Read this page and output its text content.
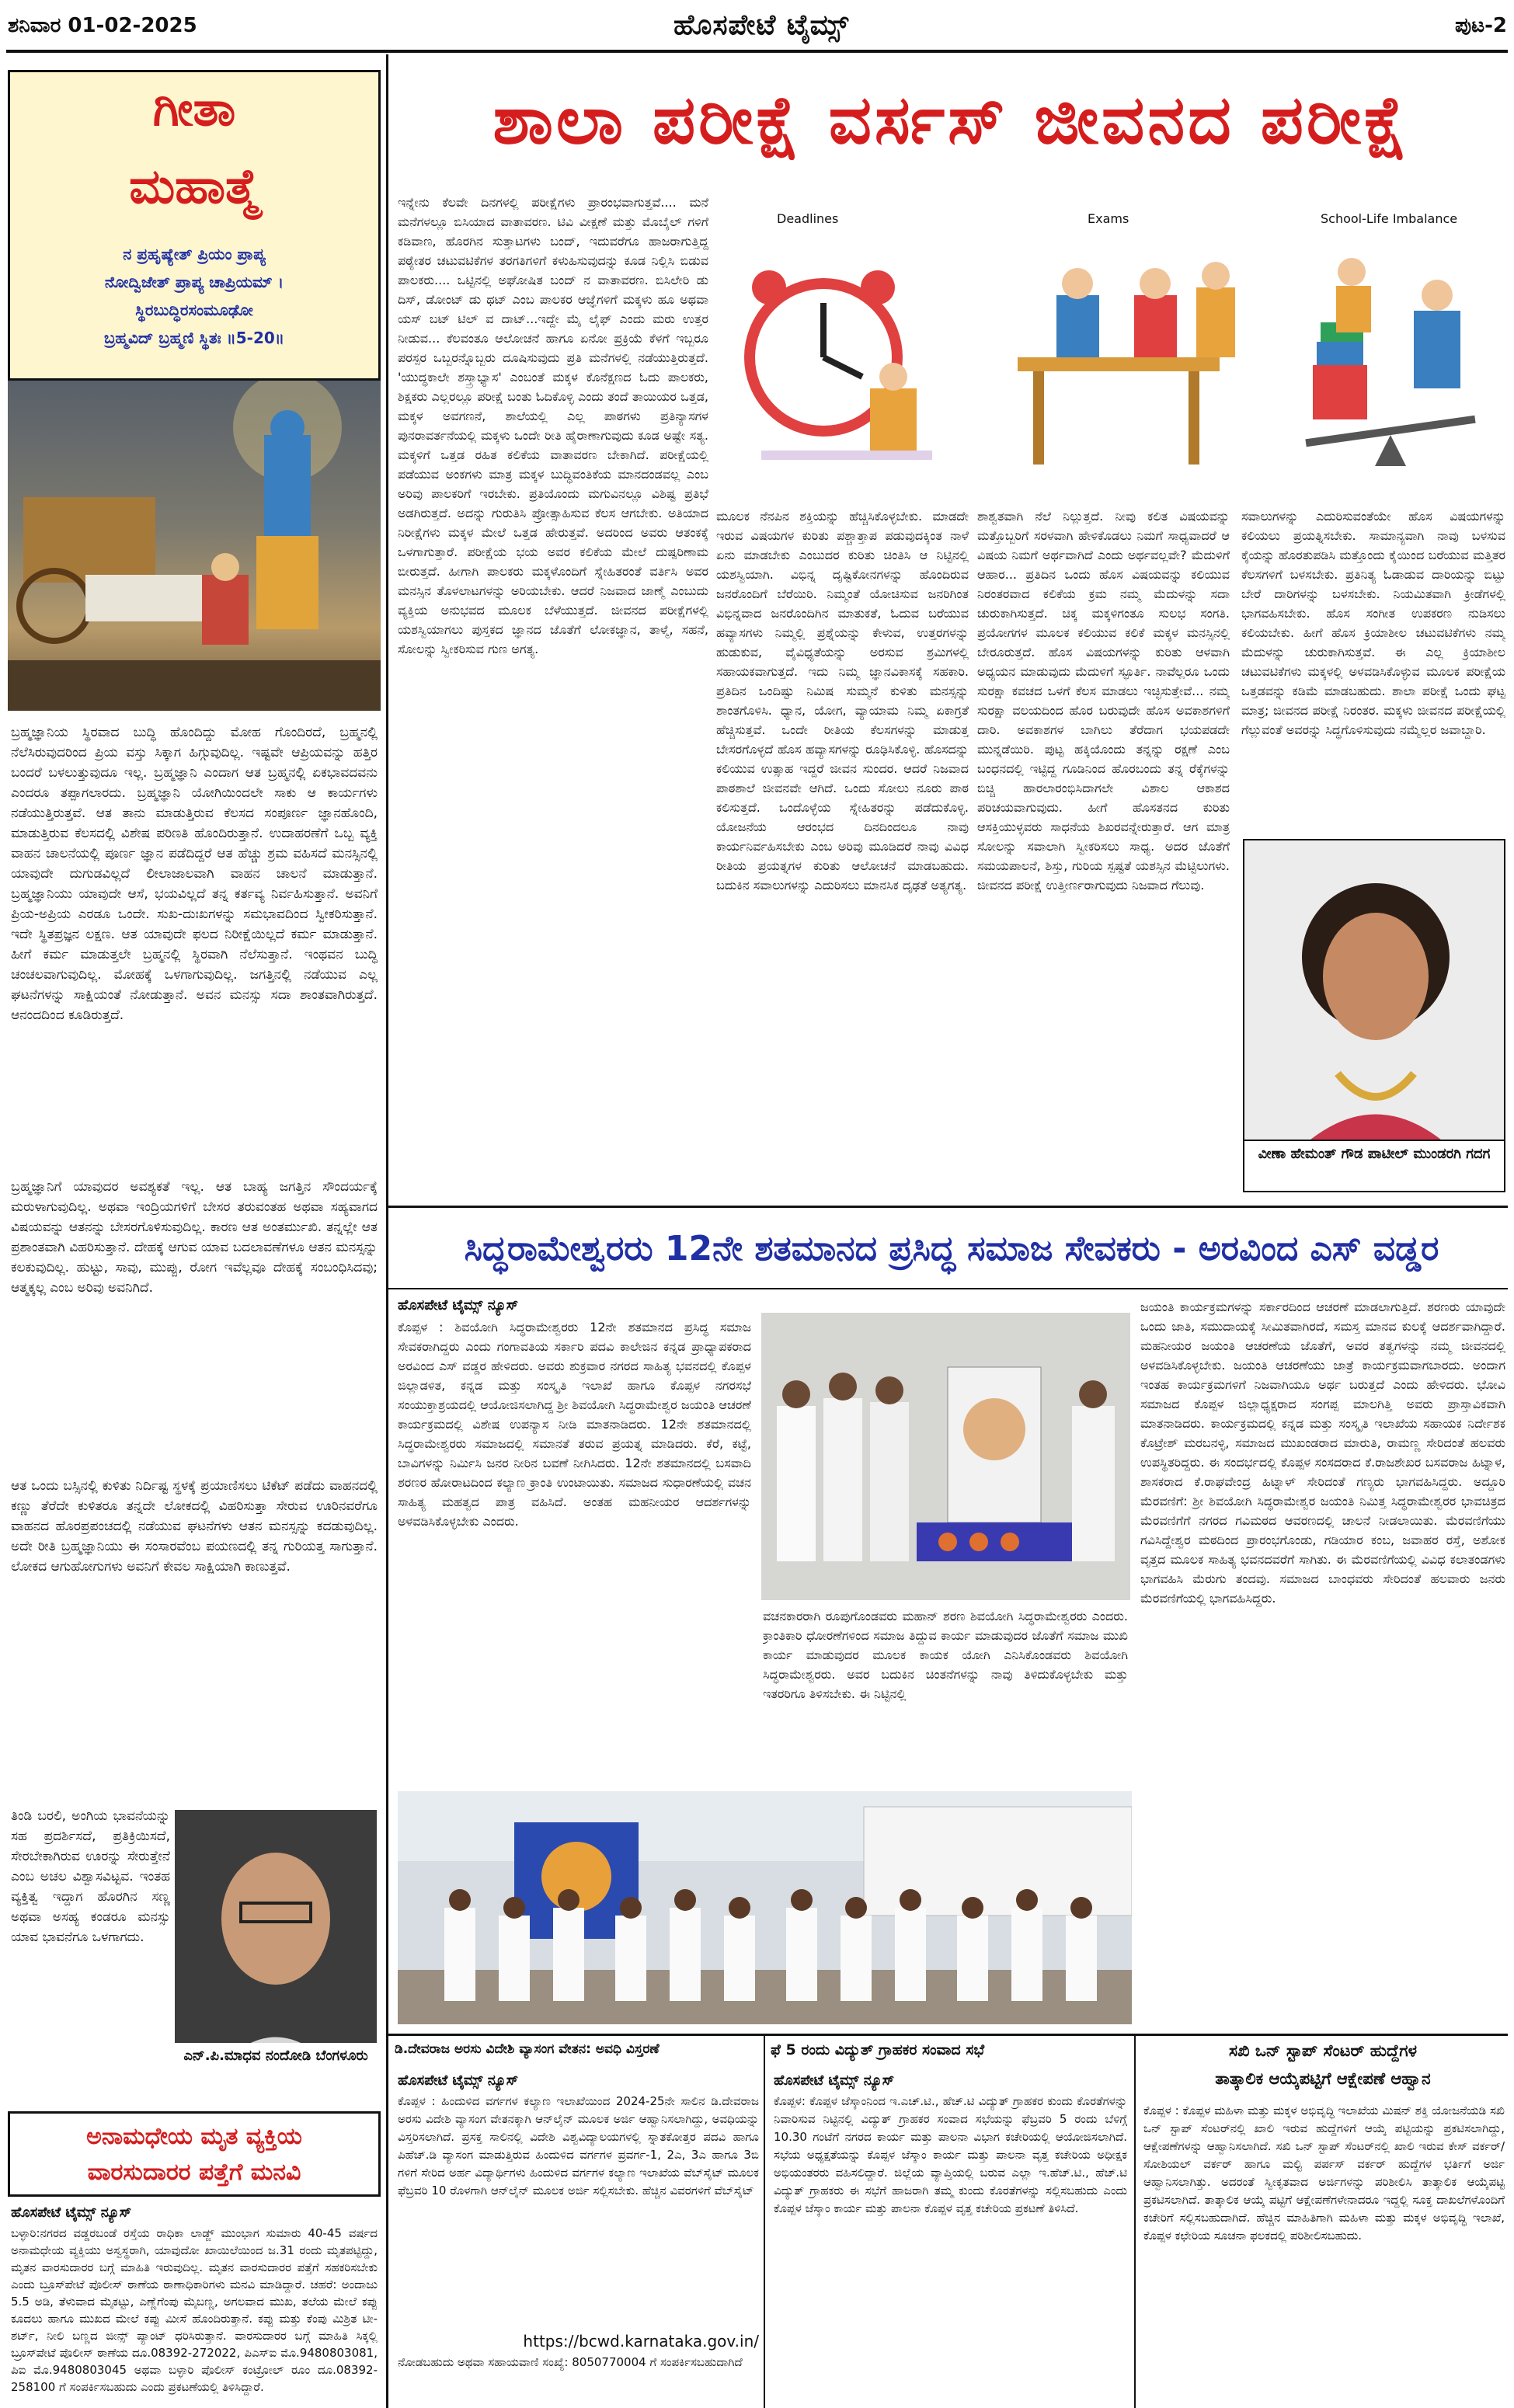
ಶನಿವಾರ 01-02-2025	ಹೊಸಪೇಟೆ ಟೈಮ್ಸ್	ಪುಟ-2
ಗೀತಾ
ಮಹಾತ್ಮೆ
ನ ಪ್ರಹೃಷ್ಯೇತ್ ಪ್ರಿಯಂ ಪ್ರಾಪ್ಯ
ನೋದ್ವಿಜೇತ್ ಪ್ರಾಪ್ಯ ಚಾಪ್ರಿಯಮ್ ।
ಸ್ಥಿರಬುದ್ಧಿರಸಂಮೂಢೋ
ಬ್ರಹ್ಮವಿದ್ ಬ್ರಹ್ಮಣಿ ಸ್ಥಿತಃ ॥5-20॥
ಬ್ರಹ್ಮಜ್ಞಾನಿಯ ಸ್ಥಿರವಾದ ಬುದ್ಧಿ ಹೊಂದಿದ್ದು ಮೋಹ ಗೊಂದಿರದೆ, ಬ್ರಹ್ಮನಲ್ಲಿ ನೆಲೆಸಿರುವುದರಿಂದ ಪ್ರಿಯ ವಸ್ತು ಸಿಕ್ಕಾಗ ಹಿಗ್ಗುವುದಿಲ್ಲ. ಇಷ್ಟವೇ ಆಪ್ರಿಯವನ್ನು ಹತ್ತಿರ ಬಂದರೆ ಬಳಲುತ್ತುವುದೂ ಇಲ್ಲ. ಬ್ರಹ್ಮಜ್ಞಾನಿ ಎಂದಾಗ ಆತ ಬ್ರಹ್ಮನಲ್ಲಿ ಏಕಭಾವದವನು ಎಂದರೂ ತಪ್ಪಾಗಲಾರದು. ಬ್ರಹ್ಮಜ್ಞಾನಿ ಯೋಗಿಯಿಂದಲೇ ಸಾಕು ಆ ಕಾರ್ಯಗಳು ನಡೆಯುತ್ತಿರುತ್ತವೆ. ಆತ ತಾನು ಮಾಡುತ್ತಿರುವ ಕೆಲಸದ ಸಂಪೂರ್ಣ ಜ್ಞಾನಹೊಂದಿ, ಮಾಡುತ್ತಿರುವ ಕೆಲಸದಲ್ಲಿ ವಿಶೇಷ ಪರಿಣತಿ ಹೊಂದಿರುತ್ತಾನೆ. ಉದಾಹರಣೆಗೆ ಒಬ್ಬ ವ್ಯಕ್ತಿ ವಾಹನ ಚಾಲನೆಯಲ್ಲಿ ಪೂರ್ಣ ಜ್ಞಾನ ಪಡೆದಿದ್ದರೆ ಆತ ಹೆಚ್ಚು ಶ್ರಮ ವಹಿಸದೆ ಮನಸ್ಸಿನಲ್ಲಿ ಯಾವುದೇ ದುಗುಡವಿಲ್ಲದೆ ಲೀಲಾಜಾಲವಾಗಿ ವಾಹನ ಚಾಲನೆ ಮಾಡುತ್ತಾನೆ. ಬ್ರಹ್ಮಜ್ಞಾನಿಯು ಯಾವುದೇ ಆಸೆ, ಭಯವಿಲ್ಲದೆ ತನ್ನ ಕರ್ತವ್ಯ ನಿರ್ವಹಿಸುತ್ತಾನೆ. ಅವನಿಗೆ ಪ್ರಿಯ-ಅಪ್ರಿಯ ಎರಡೂ ಒಂದೇ. ಸುಖ-ದುಃಖಗಳನ್ನು ಸಮಭಾವದಿಂದ ಸ್ವೀಕರಿಸುತ್ತಾನೆ. ಇದೇ ಸ್ಥಿತಪ್ರಜ್ಞನ ಲಕ್ಷಣ. ಆತ ಯಾವುದೇ ಫಲದ ನಿರೀಕ್ಷೆಯಿಲ್ಲದೆ ಕರ್ಮ ಮಾಡುತ್ತಾನೆ. ಹೀಗೆ ಕರ್ಮ ಮಾಡುತ್ತಲೇ ಬ್ರಹ್ಮನಲ್ಲಿ ಸ್ಥಿರವಾಗಿ ನೆಲೆಸುತ್ತಾನೆ. ಇಂಥವನ ಬುದ್ಧಿ ಚಂಚಲವಾಗುವುದಿಲ್ಲ. ಮೋಹಕ್ಕೆ ಒಳಗಾಗುವುದಿಲ್ಲ. ಜಗತ್ತಿನಲ್ಲಿ ನಡೆಯುವ ಎಲ್ಲ ಘಟನೆಗಳನ್ನು ಸಾಕ್ಷಿಯಂತೆ ನೋಡುತ್ತಾನೆ. ಅವನ ಮನಸ್ಸು ಸದಾ ಶಾಂತವಾಗಿರುತ್ತದೆ. ಆನಂದದಿಂದ ಕೂಡಿರುತ್ತದೆ.
ಬ್ರಹ್ಮಜ್ಞಾನಿಗೆ ಯಾವುದರ ಅವಶ್ಯಕತೆ ಇಲ್ಲ. ಆತ ಬಾಹ್ಯ ಜಗತ್ತಿನ ಸೌಂದರ್ಯಕ್ಕೆ ಮರುಳಾಗುವುದಿಲ್ಲ. ಅಥವಾ ಇಂದ್ರಿಯಗಳಿಗೆ ಬೇಸರ ತರುವಂತಹ ಅಥವಾ ಸಹ್ಯವಾಗದ ವಿಷಯವನ್ನು ಆತನನ್ನು ಬೇಸರಗೊಳಿಸುವುದಿಲ್ಲ. ಕಾರಣ ಆತ ಅಂತರ್ಮುಖಿ. ತನ್ನಲ್ಲೇ ಆತ ಪ್ರಶಾಂತವಾಗಿ ವಿಹರಿಸುತ್ತಾನೆ. ದೇಹಕ್ಕೆ ಆಗುವ ಯಾವ ಬದಲಾವಣೆಗಳೂ ಆತನ ಮನಸ್ಸನ್ನು ಕಲಕುವುದಿಲ್ಲ. ಹುಟ್ಟು, ಸಾವು, ಮುಪ್ಪು, ರೋಗ ಇವೆಲ್ಲವೂ ದೇಹಕ್ಕೆ ಸಂಬಂಧಿಸಿದವು; ಆತ್ಮಕ್ಕಲ್ಲ ಎಂಬ ಅರಿವು ಅವನಿಗಿದೆ.
ಆತ ಒಂದು ಬಸ್ಸಿನಲ್ಲಿ ಕುಳಿತು ನಿರ್ದಿಷ್ಟ ಸ್ಥಳಕ್ಕೆ ಪ್ರಯಾಣಿಸಲು ಟಿಕೆಟ್ ಪಡೆದು ವಾಹನದಲ್ಲಿ ಕಣ್ಣು ತೆರೆದೇ ಕುಳಿತರೂ ತನ್ನದೇ ಲೋಕದಲ್ಲಿ ವಿಹರಿಸುತ್ತಾ ಸೇರುವ ಊರಿನವರೆಗೂ ವಾಹನದ ಹೊರಪ್ರಪಂಚದಲ್ಲಿ ನಡೆಯುವ ಘಟನೆಗಳು ಆತನ ಮನಸ್ಸನ್ನು ಕದಡುವುದಿಲ್ಲ. ಅದೇ ರೀತಿ ಬ್ರಹ್ಮಜ್ಞಾನಿಯು ಈ ಸಂಸಾರವೆಂಬ ಪಯಣದಲ್ಲಿ ತನ್ನ ಗುರಿಯತ್ತ ಸಾಗುತ್ತಾನೆ. ಲೋಕದ ಆಗುಹೋಗುಗಳು ಅವನಿಗೆ ಕೇವಲ ಸಾಕ್ಷಿಯಾಗಿ ಕಾಣುತ್ತವೆ.
ತಿಂಡಿ ಬರಲಿ, ಅಂಗಿಯ ಭಾವನೆಯನ್ನು ಸಹ ಪ್ರದರ್ಶಿಸದೆ, ಪ್ರತಿಕ್ರಿಯಿಸದೆ, ಸೇರಬೇಕಾಗಿರುವ ಊರನ್ನು ಸೇರುತ್ತೇನೆ ಎಂಬ ಅಚಲ ವಿಶ್ವಾಸವಿಟ್ಟವ. ಇಂತಹ ವ್ಯಕ್ತಿತ್ವ ಇದ್ದಾಗ ಹೊರಗಿನ ಸಣ್ಣ ಅಥವಾ ಅಸಹ್ಯ ಕಂಡರೂ ಮನಸ್ಸು ಯಾವ ಭಾವನೆಗೂ ಒಳಗಾಗದು.
ಎನ್.ಪಿ.ಮಾಧವ ನಂದೋಡಿ ಬೆಂಗಳೂರು
ಅನಾಮಧೇಯ ಮೃತ ವ್ಯಕ್ತಿಯ
ವಾರಸುದಾರರ ಪತ್ತೆಗೆ ಮನವಿ
ಹೊಸಪೇಟೆ ಟೈಮ್ಸ್ ನ್ಯೂಸ್
ಬಳ್ಳಾರಿ:ನಗರದ ವಡ್ಡರಬಂಡೆ ರಸ್ತೆಯ ರಾಧಿಕಾ ಲಾಡ್ಜ್ ಮುಂಭಾಗ ಸುಮಾರು 40-45 ವರ್ಷದ ಅನಾಮಧೇಯ ವ್ಯಕ್ತಿಯು ಅಸ್ವಸ್ಥರಾಗಿ, ಯಾವುದೋ ಖಾಯಿಲೆಯಿಂದ ಜ.31 ರಂದು ಮೃತಪಟ್ಟಿದ್ದು, ಮೃತನ ವಾರಸುದಾರರ ಬಗ್ಗೆ ಮಾಹಿತಿ ಇರುವುದಿಲ್ಲ. ಮೃತನ ವಾರಸುದಾರರ ಪತ್ತೆಗೆ ಸಹಕರಿಸಬೇಕು ಎಂದು ಬ್ರೂಸ್‍ಪೇಟೆ ಪೊಲೀಸ್ ಠಾಣೆಯ ಠಾಣಾಧಿಕಾರಿಗಳು ಮನವಿ ಮಾಡಿದ್ದಾರೆ. ಚಹರೆ: ಅಂದಾಜು 5.5 ಅಡಿ, ತೆಳುವಾದ ಮೈಕಟ್ಟು, ಎಣ್ಣೆಗೆಂಪು ಮೈಬಣ್ಣ, ಅಗಲವಾದ ಮುಖ, ತಲೆಯ ಮೇಲೆ ಕಪ್ಪು ಕೂದಲು ಹಾಗೂ ಮುಖದ ಮೇಲೆ ಕಪ್ಪು ಮೀಸೆ ಹೊಂದಿರುತ್ತಾನೆ. ಕಪ್ಪು ಮತ್ತು ಕೆಂಪು ಮಿಶ್ರಿತ ಟೀ-ಶರ್ಟ್, ನೀಲಿ ಬಣ್ಣದ ಜೀನ್ಸ್ ಪ್ಯಾಂಟ್ ಧರಿಸಿರುತ್ತಾನೆ. ವಾರಸುದಾರರ ಬಗ್ಗೆ ಮಾಹಿತಿ ಸಿಕ್ಕಲ್ಲಿ ಬ್ರೂಸ್‍ಪೇಟೆ ಪೊಲೀಸ್ ಠಾಣೆಯ ದೂ.08392-272022, ಪಿಎಸ್‌ಐ ಮೊ.9480803081, ಪಿಐ ಮೊ.9480803045 ಅಥವಾ ಬಳ್ಳಾರಿ ಪೊಲೀಸ್ ಕಂಟ್ರೋಲ್ ರೂಂ ದೂ.08392-258100 ಗೆ ಸಂಪರ್ಕಿಸಬಹುದು ಎಂದು ಪ್ರಕಟಣೆಯಲ್ಲಿ ತಿಳಿಸಿದ್ದಾರೆ.
ಶಾಲಾ ಪರೀಕ್ಷೆ ವರ್ಸಸ್ ಜೀವನದ ಪರೀಕ್ಷೆ
ಇನ್ನೇನು ಕೆಲವೇ ದಿನಗಳಲ್ಲಿ ಪರೀಕ್ಷೆಗಳು ಪ್ರಾರಂಭವಾಗುತ್ತವೆ.... ಮನೆ ಮನೆಗಳಲ್ಲೂ ಬಿಸಿಯಾದ ವಾತಾವರಣ. ಟಿವಿ ವೀಕ್ಷಣೆ ಮತ್ತು ಮೊಬೈಲ್ ಗಳಿಗೆ ಕಡಿವಾಣ, ಹೊರಗಿನ ಸುತ್ತಾಟಗಳು ಬಂದ್, ಇದುವರೆಗೂ ಹಾಜರಾಗುತ್ತಿದ್ದ ಪಠ್ಯೇತರ ಚಟುವಟಿಕೆಗಳ ತರಗತಿಗಳಿಗೆ ಕಳುಹಿಸುವುದನ್ನು ಕೂಡ ನಿಲ್ಲಿಸಿ ಬಿಡುವ ಪಾಲಕರು.... ಒಟ್ಟಿನಲ್ಲಿ ಅಘೋಷಿತ ಬಂದ್ ನ ವಾತಾವರಣ. ಬಿಸಿಲೇರಿ ಡು ದಿಸ್, ಡೋಂಟ್ ಡು ಥಟ್ ಎಂಬ ಪಾಲಕರ ಆಜ್ಞೆಗಳಿಗೆ ಮಕ್ಕಳು ಹೂ ಅಥವಾ ಯಸ್ ಬಟ್ ಟಿಲ್ ವ ದಾಟ್...ಇದ್ದೇ ಮೈ ಲೈಫ್ ಎಂದು ಮರು ಉತ್ತರ ನೀಡುವ... ಕೆಲವಂತೂ ಆಲೋಚನೆ ಹಾಗೂ ಏನೋ ಪ್ರಕ್ರಿಯೆ ಕೆಳಗೆ ಇಬ್ಬರೂ ಪರಸ್ಪರ ಒಬ್ಬರನ್ನೊಬ್ಬರು ದೂಷಿಸುವುದು ಪ್ರತಿ ಮನೆಗಳಲ್ಲಿ ನಡೆಯುತ್ತಿರುತ್ತದೆ. 'ಯುದ್ಧಕಾಲೇ ಶಸ್ತ್ರಾಭ್ಯಾಸ' ಎಂಬಂತೆ ಮಕ್ಕಳ ಕೊನೆಕ್ಷಣದ ಓದು ಪಾಲಕರು, ಶಿಕ್ಷಕರು ಎಲ್ಲರಲ್ಲೂ ಪರೀಕ್ಷೆ ಬಂತು ಓದಿಕೊಳ್ಳಿ ಎಂದು ತಂದೆ ತಾಯಿಯರ ಒತ್ತಡ, ಮಕ್ಕಳ ಅವಗಣನೆ, ಶಾಲೆಯಲ್ಲಿ ಎಲ್ಲ ಪಾಠಗಳು ಪ್ರತಿನ್ಯಾಸಗಳ ಪುನರಾವರ್ತನೆಯಲ್ಲಿ ಮಕ್ಕಳು ಒಂದೇ ರೀತಿ ಹೈರಾಣಾಗುವುದು ಕೂಡ ಅಷ್ಟೇ ಸತ್ಯ. ಮಕ್ಕಳಿಗೆ ಒತ್ತಡ ರಹಿತ ಕಲಿಕೆಯ ವಾತಾವರಣ ಬೇಕಾಗಿದೆ. ಪರೀಕ್ಷೆಯಲ್ಲಿ ಪಡೆಯುವ ಅಂಕಗಳು ಮಾತ್ರ ಮಕ್ಕಳ ಬುದ್ಧಿವಂತಿಕೆಯ ಮಾನದಂಡವಲ್ಲ ಎಂಬ ಅರಿವು ಪಾಲಕರಿಗೆ ಇರಬೇಕು. ಪ್ರತಿಯೊಂದು ಮಗುವಿನಲ್ಲೂ ವಿಶಿಷ್ಟ ಪ್ರತಿಭೆ ಅಡಗಿರುತ್ತದೆ. ಅದನ್ನು ಗುರುತಿಸಿ ಪ್ರೋತ್ಸಾಹಿಸುವ ಕೆಲಸ ಆಗಬೇಕು. ಅತಿಯಾದ ನಿರೀಕ್ಷೆಗಳು ಮಕ್ಕಳ ಮೇಲೆ ಒತ್ತಡ ಹೇರುತ್ತವೆ. ಅದರಿಂದ ಅವರು ಆತಂಕಕ್ಕೆ ಒಳಗಾಗುತ್ತಾರೆ. ಪರೀಕ್ಷೆಯ ಭಯ ಅವರ ಕಲಿಕೆಯ ಮೇಲೆ ದುಷ್ಪರಿಣಾಮ ಬೀರುತ್ತದೆ. ಹೀಗಾಗಿ ಪಾಲಕರು ಮಕ್ಕಳೊಂದಿಗೆ ಸ್ನೇಹಿತರಂತೆ ವರ್ತಿಸಿ ಅವರ ಮನಸ್ಸಿನ ತೊಳಲಾಟಗಳನ್ನು ಅರಿಯಬೇಕು. ಆದರೆ ನಿಜವಾದ ಜಾಣ್ಮೆ ಎಂಬುದು ವ್ಯಕ್ತಿಯ ಅನುಭವದ ಮೂಲಕ ಬೆಳೆಯುತ್ತದೆ. ಜೀವನದ ಪರೀಕ್ಷೆಗಳಲ್ಲಿ ಯಶಸ್ವಿಯಾಗಲು ಪುಸ್ತಕದ ಜ್ಞಾನದ ಜೊತೆಗೆ ಲೋಕಜ್ಞಾನ, ತಾಳ್ಮೆ, ಸಹನೆ, ಸೋಲನ್ನು ಸ್ವೀಕರಿಸುವ ಗುಣ ಅಗತ್ಯ.
Deadlines	Exams	School-Life Imbalance
ಮೂಲಕ ನೆನಪಿನ ಶಕ್ತಿಯನ್ನು ಹೆಚ್ಚಿಸಿಕೊಳ್ಳಬೇಕು. ಮಾಡದೇ ಇರುವ ವಿಷಯಗಳ ಕುರಿತು ಪಶ್ಚಾತ್ತಾಪ ಪಡುವುದಕ್ಕಿಂತ ನಾಳೆ ಏನು ಮಾಡಬೇಕು ಎಂಬುದರ ಕುರಿತು ಚಿಂತಿಸಿ ಆ ನಿಟ್ಟಿನಲ್ಲಿ ಯಶಸ್ವಿಯಾಗಿ. ವಿಭಿನ್ನ ದೃಷ್ಟಿಕೋನಗಳನ್ನು ಹೊಂದಿರುವ ಜನರೊಂದಿಗೆ ಬೆರೆಯಿರಿ. ನಿಮ್ಮಂತೆ ಯೋಚಿಸುವ ಜನರಿಗಿಂತ ವಿಭಿನ್ನವಾದ ಜನರೊಂದಿಗಿನ ಮಾತುಕತೆ, ಓದುವ ಬರೆಯುವ ಹವ್ಯಾಸಗಳು ನಿಮ್ಮಲ್ಲಿ ಪ್ರಶ್ನೆಯನ್ನು ಕೇಳುವ, ಉತ್ತರಗಳನ್ನು ಹುಡುಕುವ, ವೈವಿಧ್ಯತೆಯನ್ನು ಅರಸುವ ಶ್ರಮಿಗಳಲ್ಲಿ ಸಹಾಯಕವಾಗುತ್ತದೆ. ಇದು ನಿಮ್ಮ ಜ್ಞಾನವಿಕಾಸಕ್ಕೆ ಸಹಕಾರಿ. ಪ್ರತಿದಿನ ಒಂದಿಷ್ಟು ನಿಮಿಷ ಸುಮ್ಮನೆ ಕುಳಿತು ಮನಸ್ಸನ್ನು ಶಾಂತಗೊಳಿಸಿ. ಧ್ಯಾನ, ಯೋಗ, ವ್ಯಾಯಾಮ ನಿಮ್ಮ ಏಕಾಗ್ರತೆ ಹೆಚ್ಚಿಸುತ್ತವೆ. ಒಂದೇ ರೀತಿಯ ಕೆಲಸಗಳನ್ನು ಮಾಡುತ್ತ ಬೇಸರಗೊಳ್ಳದೆ ಹೊಸ ಹವ್ಯಾಸಗಳನ್ನು ರೂಢಿಸಿಕೊಳ್ಳಿ. ಹೊಸದನ್ನು ಕಲಿಯುವ ಉತ್ಸಾಹ ಇದ್ದರೆ ಜೀವನ ಸುಂದರ. ಆದರೆ ನಿಜವಾದ ಪಾಠಶಾಲೆ ಜೀವನವೇ ಆಗಿದೆ. ಒಂದು ಸೋಲು ನೂರು ಪಾಠ ಕಲಿಸುತ್ತದೆ. ಒಂದೊಳ್ಳೆಯ ಸ್ನೇಹಿತರನ್ನು ಪಡೆದುಕೊಳ್ಳಿ. ಯೋಜನೆಯ ಆರಂಭದ ದಿನದಿಂದಲೂ ನಾವು ಕಾರ್ಯನಿರ್ವಹಿಸಬೇಕು ಎಂಬ ಅರಿವು ಮೂಡಿದರೆ ನಾವು ವಿವಿಧ ರೀತಿಯ ಪ್ರಯತ್ನಗಳ ಕುರಿತು ಆಲೋಚನೆ ಮಾಡಬಹುದು. ಬದುಕಿನ ಸವಾಲುಗಳನ್ನು ಎದುರಿಸಲು ಮಾನಸಿಕ ದೃಢತೆ ಅತ್ಯಗತ್ಯ.
ಶಾಶ್ವತವಾಗಿ ನೆಲೆ ನಿಲ್ಲುತ್ತದೆ. ನೀವು ಕಲಿತ ವಿಷಯವನ್ನು ಮತ್ತೊಬ್ಬರಿಗೆ ಸರಳವಾಗಿ ಹೇಳಿಕೊಡಲು ನಿಮಗೆ ಸಾಧ್ಯವಾದರೆ ಆ ವಿಷಯ ನಿಮಗೆ ಅರ್ಥವಾಗಿದೆ ಎಂದು ಅರ್ಥವಲ್ಲವೇ? ಮೆದುಳಿಗೆ ಆಹಾರ... ಪ್ರತಿದಿನ ಒಂದು ಹೊಸ ವಿಷಯವನ್ನು ಕಲಿಯುವ ನಿರಂತರವಾದ ಕಲಿಕೆಯ ಕ್ರಮ ನಮ್ಮ ಮೆದುಳನ್ನು ಸದಾ ಚುರುಕಾಗಿಸುತ್ತದೆ. ಚಿಕ್ಕ ಮಕ್ಕಳಿಗಂತೂ ಸುಲಭ ಸಂಗತಿ. ಪ್ರಯೋಗಗಳ ಮೂಲಕ ಕಲಿಯುವ ಕಲಿಕೆ ಮಕ್ಕಳ ಮನಸ್ಸಿನಲ್ಲಿ ಬೇರೂರುತ್ತದೆ. ಹೊಸ ವಿಷಯಗಳನ್ನು ಕುರಿತು ಆಳವಾಗಿ ಅಧ್ಯಯನ ಮಾಡುವುದು ಮೆದುಳಿಗೆ ಸ್ಫೂರ್ತಿ. ನಾವೆಲ್ಲರೂ ಒಂದು ಸುರಕ್ಷಾ ಕವಚದ ಒಳಗೆ ಕೆಲಸ ಮಾಡಲು ಇಚ್ಛಿಸುತ್ತೇವೆ... ನಮ್ಮ ಸುರಕ್ಷಾ ವಲಯದಿಂದ ಹೊರ ಬರುವುದೇ ಹೊಸ ಅವಕಾಶಗಳಿಗೆ ದಾರಿ. ಅವಕಾಶಗಳ ಬಾಗಿಲು ತೆರೆದಾಗ ಭಯಪಡದೇ ಮುನ್ನಡೆಯಿರಿ. ಪುಟ್ಟ ಹಕ್ಕಿಯೊಂದು ತನ್ನನ್ನು ರಕ್ಷಣೆ ಎಂಬ ಬಂಧನದಲ್ಲಿ ಇಟ್ಟಿದ್ದ ಗೂಡಿನಿಂದ ಹೊರಬಂದು ತನ್ನ ರೆಕ್ಕೆಗಳನ್ನು ಬಿಚ್ಚಿ ಹಾರಲಾರಂಭಿಸಿದಾಗಲೇ ವಿಶಾಲ ಆಕಾಶದ ಪರಿಚಯವಾಗುವುದು. ಹೀಗೆ ಹೊಸತನದ ಕುರಿತು ಆಸಕ್ತಿಯುಳ್ಳವರು ಸಾಧನೆಯ ಶಿಖರವನ್ನೇರುತ್ತಾರೆ. ಆಗ ಮಾತ್ರ ಸೋಲನ್ನು ಸವಾಲಾಗಿ ಸ್ವೀಕರಿಸಲು ಸಾಧ್ಯ. ಅದರ ಜೊತೆಗೆ ಸಮಯಪಾಲನೆ, ಶಿಸ್ತು, ಗುರಿಯ ಸ್ಪಷ್ಟತೆ ಯಶಸ್ಸಿನ ಮೆಟ್ಟಿಲುಗಳು. ಜೀವನದ ಪರೀಕ್ಷೆ ಉತ್ತೀರ್ಣರಾಗುವುದು ನಿಜವಾದ ಗೆಲುವು.
ಸವಾಲುಗಳನ್ನು ಎದುರಿಸುವಂತೆಯೇ ಹೊಸ ವಿಷಯಗಳನ್ನು ಕಲಿಯಲು ಪ್ರಯತ್ನಿಸಬೇಕು. ಸಾಮಾನ್ಯವಾಗಿ ನಾವು ಬಳಸುವ ಕೈಯನ್ನು ಹೊರತುಪಡಿಸಿ ಮತ್ತೊಂದು ಕೈಯಿಂದ ಬರೆಯುವ ಮತ್ತಿತರ ಕೆಲಸಗಳಿಗೆ ಬಳಸಬೇಕು. ಪ್ರತಿನಿತ್ಯ ಓಡಾಡುವ ದಾರಿಯನ್ನು ಬಿಟ್ಟು ಬೇರೆ ದಾರಿಗಳನ್ನು ಬಳಸಬೇಕು. ನಿಯಮಿತವಾಗಿ ಕ್ರೀಡೆಗಳಲ್ಲಿ ಭಾಗವಹಿಸಬೇಕು. ಹೊಸ ಸಂಗೀತ ಉಪಕರಣ ನುಡಿಸಲು ಕಲಿಯಬೇಕು. ಹೀಗೆ ಹೊಸ ಕ್ರಿಯಾಶೀಲ ಚಟುವಟಿಕೆಗಳು ನಮ್ಮ ಮೆದುಳನ್ನು ಚುರುಕಾಗಿಸುತ್ತವೆ. ಈ ಎಲ್ಲ ಕ್ರಿಯಾಶೀಲ ಚಟುವಟಿಕೆಗಳು ಮಕ್ಕಳಲ್ಲಿ ಅಳವಡಿಸಿಕೊಳ್ಳುವ ಮೂಲಕ ಪರೀಕ್ಷೆಯ ಒತ್ತಡವನ್ನು ಕಡಿಮೆ ಮಾಡಬಹುದು. ಶಾಲಾ ಪರೀಕ್ಷೆ ಒಂದು ಘಟ್ಟ ಮಾತ್ರ; ಜೀವನದ ಪರೀಕ್ಷೆ ನಿರಂತರ. ಮಕ್ಕಳು ಜೀವನದ ಪರೀಕ್ಷೆಯಲ್ಲಿ ಗೆಲ್ಲುವಂತೆ ಅವರನ್ನು ಸಿದ್ಧಗೊಳಿಸುವುದು ನಮ್ಮೆಲ್ಲರ ಜವಾಬ್ದಾರಿ.
ವೀಣಾ ಹೇಮಂತ್ ಗೌಡ ಪಾಟೀಲ್ ಮುಂಡರಗಿ ಗದಗ
ಸಿದ್ಧರಾಮೇಶ್ವರರು 12ನೇ ಶತಮಾನದ ಪ್ರಸಿದ್ಧ ಸಮಾಜ ಸೇವಕರು - ಅರವಿಂದ ಎಸ್ ವಡ್ಡರ
ಹೊಸಪೇಟೆ ಟೈಮ್ಸ್ ನ್ಯೂಸ್
ಕೊಪ್ಪಳ : ಶಿವಯೋಗಿ ಸಿದ್ಧರಾಮೇಶ್ವರರು 12ನೇ ಶತಮಾನದ ಪ್ರಸಿದ್ಧ ಸಮಾಜ ಸೇವಕರಾಗಿದ್ದರು ಎಂದು ಗಂಗಾವತಿಯ ಸರ್ಕಾರಿ ಪದವಿ ಕಾಲೇಜಿನ ಕನ್ನಡ ಪ್ರಾಧ್ಯಾಪಕರಾದ ಅರವಿಂದ ಎಸ್ ವಡ್ಡರ ಹೇಳಿದರು. ಅವರು ಶುಕ್ರವಾರ ನಗರದ ಸಾಹಿತ್ಯ ಭವನದಲ್ಲಿ ಕೊಪ್ಪಳ ಜಿಲ್ಲಾಡಳಿತ, ಕನ್ನಡ ಮತ್ತು ಸಂಸ್ಕೃತಿ ಇಲಾಖೆ ಹಾಗೂ ಕೊಪ್ಪಳ ನಗರಸಭೆ ಸಂಯುಕ್ತಾಶ್ರಯದಲ್ಲಿ ಆಯೋಜಿಸಲಾಗಿದ್ದ ಶ್ರೀ ಶಿವಯೋಗಿ ಸಿದ್ಧರಾಮೇಶ್ವರ ಜಯಂತಿ ಆಚರಣೆ ಕಾರ್ಯಕ್ರಮದಲ್ಲಿ ವಿಶೇಷ ಉಪನ್ಯಾಸ ನೀಡಿ ಮಾತನಾಡಿದರು. 12ನೇ ಶತಮಾನದಲ್ಲಿ ಸಿದ್ಧರಾಮೇಶ್ವರರು ಸಮಾಜದಲ್ಲಿ ಸಮಾನತೆ ತರುವ ಪ್ರಯತ್ನ ಮಾಡಿದರು. ಕೆರೆ, ಕಟ್ಟೆ, ಬಾವಿಗಳನ್ನು ನಿರ್ಮಿಸಿ ಜನರ ನೀರಿನ ಬವಣೆ ನೀಗಿಸಿದರು. 12ನೇ ಶತಮಾನದಲ್ಲಿ ಬಸವಾದಿ ಶರಣರ ಹೋರಾಟದಿಂದ ಕಲ್ಯಾಣ ಕ್ರಾಂತಿ ಉಂಟಾಯಿತು. ಸಮಾಜದ ಸುಧಾರಣೆಯಲ್ಲಿ ವಚನ ಸಾಹಿತ್ಯ ಮಹತ್ವದ ಪಾತ್ರ ವಹಿಸಿದೆ. ಅಂತಹ ಮಹನೀಯರ ಆದರ್ಶಗಳನ್ನು ಅಳವಡಿಸಿಕೊಳ್ಳಬೇಕು ಎಂದರು.
ವಚನಕಾರರಾಗಿ ರೂಪುಗೊಂಡವರು ಮಹಾನ್ ಶರಣ ಶಿವಯೋಗಿ ಸಿದ್ಧರಾಮೇಶ್ವರರು ಎಂದರು. ಕ್ರಾಂತಿಕಾರಿ ಧೋರಣೆಗಳಿಂದ ಸಮಾಜ ತಿದ್ದುವ ಕಾರ್ಯ ಮಾಡುವುದರ ಜೊತೆಗೆ ಸಮಾಜ ಮುಖಿ ಕಾರ್ಯ ಮಾಡುವುದರ ಮೂಲಕ ಕಾಯಕ ಯೋಗಿ ಎನಿಸಿಕೊಂಡವರು ಶಿವಯೋಗಿ ಸಿದ್ಧರಾಮೇಶ್ವರರು. ಅವರ ಬದುಕಿನ ಚಿಂತನೆಗಳನ್ನು ನಾವು ತಿಳಿದುಕೊಳ್ಳಬೇಕು ಮತ್ತು ಇತರರಿಗೂ ತಿಳಿಸಬೇಕು. ಈ ನಿಟ್ಟಿನಲ್ಲಿ
ಜಯಂತಿ ಕಾರ್ಯಕ್ರಮಗಳನ್ನು ಸರ್ಕಾರದಿಂದ ಆಚರಣೆ ಮಾಡಲಾಗುತ್ತಿದೆ. ಶರಣರು ಯಾವುದೇ ಒಂದು ಜಾತಿ, ಸಮುದಾಯಕ್ಕೆ ಸೀಮಿತವಾಗಿರದೆ, ಸಮಸ್ತ ಮಾನವ ಕುಲಕ್ಕೆ ಆದರ್ಶವಾಗಿದ್ದಾರೆ. ಮಹನೀಯರ ಜಯಂತಿ ಆಚರಣೆಯ ಜೊತೆಗೆ, ಅವರ ತತ್ವಗಳನ್ನು ನಮ್ಮ ಜೀವನದಲ್ಲಿ ಅಳವಡಿಸಿಕೊಳ್ಳಬೇಕು. ಜಯಂತಿ ಆಚರಣೆಯು ಜಾತ್ರೆ ಕಾರ್ಯಕ್ರಮವಾಗಬಾರದು. ಅಂದಾಗ ಇಂತಹ ಕಾರ್ಯಕ್ರಮಗಳಿಗೆ ನಿಜವಾಗಿಯೂ ಅರ್ಥ ಬರುತ್ತದೆ ಎಂದು ಹೇಳಿದರು. ಭೋವಿ ಸಮಾಜದ ಕೊಪ್ಪಳ ಜಿಲ್ಲಾಧ್ಯಕ್ಷರಾದ ಸಂಗಪ್ಪ ಮಾಲಗಿತ್ತಿ ಅವರು ಪ್ರಾಸ್ತಾವಿಕವಾಗಿ ಮಾತನಾಡಿದರು. ಕಾರ್ಯಕ್ರಮದಲ್ಲಿ ಕನ್ನಡ ಮತ್ತು ಸಂಸ್ಕೃತಿ ಇಲಾಖೆಯ ಸಹಾಯಕ ನಿರ್ದೇಶಕ ಕೊಟ್ರೇಶ್ ಮರಬನಳ್ಳಿ, ಸಮಾಜದ ಮುಖಂಡರಾದ ಮಾರುತಿ, ರಾಮಣ್ಣ ಸೇರಿದಂತೆ ಹಲವರು ಉಪಸ್ಥಿತರಿದ್ದರು. ಈ ಸಂದರ್ಭದಲ್ಲಿ ಕೊಪ್ಪಳ ಸಂಸದರಾದ ಕೆ.ರಾಜಶೇಖರ ಬಸವರಾಜ ಹಿಟ್ನಾಳ, ಶಾಸಕರಾದ ಕೆ.ರಾಘವೇಂದ್ರ ಹಿಟ್ನಾಳ್ ಸೇರಿದಂತೆ ಗಣ್ಯರು ಭಾಗವಹಿಸಿದ್ದರು. ಅದ್ದೂರಿ ಮೆರವಣಿಗೆ: ಶ್ರೀ ಶಿವಯೋಗಿ ಸಿದ್ಧರಾಮೇಶ್ವರ ಜಯಂತಿ ನಿಮಿತ್ತ ಸಿದ್ಧರಾಮೇಶ್ವರರ ಭಾವಚಿತ್ರದ ಮೆರವಣಿಗೆಗೆ ನಗರದ ಗವಿಮಠದ ಆವರಣದಲ್ಲಿ ಚಾಲನೆ ನೀಡಲಾಯಿತು. ಮೆರವಣಿಗೆಯು ಗವಿಸಿದ್ದೇಶ್ವರ ಮಠದಿಂದ ಪ್ರಾರಂಭಗೊಂಡು, ಗಡಿಯಾರ ಕಂಬ, ಜವಾಹರ ರಸ್ತೆ, ಅಶೋಕ ವೃತ್ತದ ಮೂಲಕ ಸಾಹಿತ್ಯ ಭವನದವರೆಗೆ ಸಾಗಿತು. ಈ ಮೆರವಣಿಗೆಯಲ್ಲಿ ವಿವಿಧ ಕಲಾತಂಡಗಳು ಭಾಗವಹಿಸಿ ಮೆರುಗು ತಂದವು. ಸಮಾಜದ ಬಾಂಧವರು ಸೇರಿದಂತೆ ಹಲವಾರು ಜನರು ಮೆರವಣಿಗೆಯಲ್ಲಿ ಭಾಗವಹಿಸಿದ್ದರು.
ಡಿ.ದೇವರಾಜ ಅರಸು ವಿದೇಶಿ ವ್ಯಾಸಂಗ ವೇತನ: ಅವಧಿ ವಿಸ್ತರಣೆ
ಹೊಸಪೇಟೆ ಟೈಮ್ಸ್ ನ್ಯೂಸ್
ಕೊಪ್ಪಳ : ಹಿಂದುಳಿದ ವರ್ಗಗಳ ಕಲ್ಯಾಣ ಇಲಾಖೆಯಿಂದ 2024-25ನೇ ಸಾಲಿನ ಡಿ.ದೇವರಾಜ ಅರಸು ವಿದೇಶಿ ವ್ಯಾಸಂಗ ವೇತನಕ್ಕಾಗಿ ಆನ್‌ಲೈನ್ ಮೂಲಕ ಅರ್ಜಿ ಆಹ್ವಾನಿಸಲಾಗಿದ್ದು, ಅವಧಿಯನ್ನು ವಿಸ್ತರಿಸಲಾಗಿದೆ. ಪ್ರಸಕ್ತ ಸಾಲಿನಲ್ಲಿ ವಿದೇಶಿ ವಿಶ್ವವಿದ್ಯಾಲಯಗಳಲ್ಲಿ ಸ್ನಾತಕೋತ್ತರ ಪದವಿ ಹಾಗೂ ಪಿಹೆಚ್.ಡಿ ವ್ಯಾಸಂಗ ಮಾಡುತ್ತಿರುವ ಹಿಂದುಳಿದ ವರ್ಗಗಳ ಪ್ರವರ್ಗ-1, 2ಎ, 3ಎ ಹಾಗೂ 3ಬಿ ಗಳಿಗೆ ಸೇರಿದ ಅರ್ಹ ವಿದ್ಯಾರ್ಥಿಗಳು ಹಿಂದುಳಿದ ವರ್ಗಗಳ ಕಲ್ಯಾಣ ಇಲಾಖೆಯ ವೆಬ್‌ಸೈಟ್ ಮೂಲಕ ಫೆಬ್ರವರಿ 10 ರೊಳಗಾಗಿ ಆನ್‌ಲೈನ್ ಮೂಲಕ ಅರ್ಜಿ ಸಲ್ಲಿಸಬೇಕು. ಹೆಚ್ಚಿನ ವಿವರಗಳಿಗೆ ವೆಬ್‌ಸೈಟ್
https://bcwd.karnataka.gov.in/
ನೋಡಬಹುದು ಅಥವಾ ಸಹಾಯವಾಣಿ ಸಂಖ್ಯೆ: 8050770004 ಗೆ ಸಂಪರ್ಕಿಸಬಹುದಾಗಿದೆ
ಫೆ 5 ರಂದು ವಿದ್ಯುತ್ ಗ್ರಾಹಕರ ಸಂವಾದ ಸಭೆ
ಹೊಸಪೇಟೆ ಟೈಮ್ಸ್ ನ್ಯೂಸ್
ಕೊಪ್ಪಳ: ಕೊಪ್ಪಳ ಜೆಸ್ಕಾಂನಿಂದ ಇ.ಎಚ್.ಟಿ., ಹೆಚ್.ಟಿ ವಿದ್ಯುತ್ ಗ್ರಾಹಕರ ಕುಂದು ಕೊರತೆಗಳನ್ನು ನಿವಾರಿಸುವ ನಿಟ್ಟಿನಲ್ಲಿ ವಿದ್ಯುತ್ ಗ್ರಾಹಕರ ಸಂವಾದ ಸಭೆಯನ್ನು ಫೆಬ್ರವರಿ 5 ರಂದು ಬೆಳಿಗ್ಗೆ 10.30 ಗಂಟೆಗೆ ನಗರದ ಕಾರ್ಯ ಮತ್ತು ಪಾಲನಾ ವಿಭಾಗ ಕಚೇರಿಯಲ್ಲಿ ಆಯೋಜಿಸಲಾಗಿದೆ. ಸಭೆಯ ಅಧ್ಯಕ್ಷತೆಯನ್ನು ಕೊಪ್ಪಳ ಜೆಸ್ಕಾಂ ಕಾರ್ಯ ಮತ್ತು ಪಾಲನಾ ವೃತ್ತ ಕಚೇರಿಯ ಅಧೀಕ್ಷಕ ಅಭಿಯಂತರರು ವಹಿಸಲಿದ್ದಾರೆ. ಜಿಲ್ಲೆಯ ವ್ಯಾಪ್ತಿಯಲ್ಲಿ ಬರುವ ಎಲ್ಲಾ ಇ.ಹೆಚ್.ಟಿ., ಹೆಚ್.ಟಿ ವಿದ್ಯುತ್ ಗ್ರಾಹಕರು ಈ ಸಭೆಗೆ ಹಾಜರಾಗಿ ತಮ್ಮ ಕುಂದು ಕೊರತೆಗಳನ್ನು ಸಲ್ಲಿಸಬಹುದು ಎಂದು ಕೊಪ್ಪಳ ಜೆಸ್ಕಾಂ ಕಾರ್ಯ ಮತ್ತು ಪಾಲನಾ ಕೊಪ್ಪಳ ವೃತ್ತ ಕಚೇರಿಯ ಪ್ರಕಟಣೆ ತಿಳಿಸಿದೆ.
ಸಖಿ ಒನ್ ಸ್ಟಾಪ್ ಸೆಂಟರ್ ಹುದ್ದೆಗಳ
ತಾತ್ಕಾಲಿಕ ಆಯ್ಕೆಪಟ್ಟಿಗೆ ಆಕ್ಷೇಪಣೆ ಆಹ್ವಾನ
ಕೊಪ್ಪಳ : ಕೊಪ್ಪಳ ಮಹಿಳಾ ಮತ್ತು ಮಕ್ಕಳ ಅಭಿವೃದ್ಧಿ ಇಲಾಖೆಯ ಮಿಷನ್ ಶಕ್ತಿ ಯೋಜನೆಯಡಿ ಸಖಿ ಒನ್ ಸ್ಟಾಪ್ ಸೆಂಟರ್‌ನಲ್ಲಿ ಖಾಲಿ ಇರುವ ಹುದ್ದೆಗಳಿಗೆ ಆಯ್ಕೆ ಪಟ್ಟಿಯನ್ನು ಪ್ರಕಟಿಸಲಾಗಿದ್ದು, ಆಕ್ಷೇಪಣೆಗಳನ್ನು ಆಹ್ವಾನಿಸಲಾಗಿದೆ. ಸಖಿ ಒನ್ ಸ್ಟಾಪ್ ಸೆಂಟರ್‌ನಲ್ಲಿ ಖಾಲಿ ಇರುವ ಕೇಸ್ ವರ್ಕರ್/ಸೋಶಿಯಲ್ ವರ್ಕರ್ ಹಾಗೂ ಮಲ್ಟಿ ಪರ್ಪಸ್ ವರ್ಕರ್ ಹುದ್ದೆಗಳ ಭರ್ತಿಗೆ ಅರ್ಜಿ ಆಹ್ವಾನಿಸಲಾಗಿತ್ತು. ಅದರಂತೆ ಸ್ವೀಕೃತವಾದ ಅರ್ಜಿಗಳನ್ನು ಪರಿಶೀಲಿಸಿ ತಾತ್ಕಾಲಿಕ ಆಯ್ಕೆಪಟ್ಟಿ ಪ್ರಕಟಿಸಲಾಗಿದೆ. ತಾತ್ಕಾಲಿಕ ಆಯ್ಕೆ ಪಟ್ಟಿಗೆ ಆಕ್ಷೇಪಣೆಗಳೇನಾದರೂ ಇದ್ದಲ್ಲಿ ಸೂಕ್ತ ದಾಖಲೆಗಳೊಂದಿಗೆ ಕಚೇರಿಗೆ ಸಲ್ಲಿಸಬಹುದಾಗಿದೆ. ಹೆಚ್ಚಿನ ಮಾಹಿತಿಗಾಗಿ ಮಹಿಳಾ ಮತ್ತು ಮಕ್ಕಳ ಅಭಿವೃದ್ಧಿ ಇಲಾಖೆ, ಕೊಪ್ಪಳ ಕಛೇರಿಯ ಸೂಚನಾ ಫಲಕದಲ್ಲಿ ಪರಿಶೀಲಿಸಬಹುದು.
